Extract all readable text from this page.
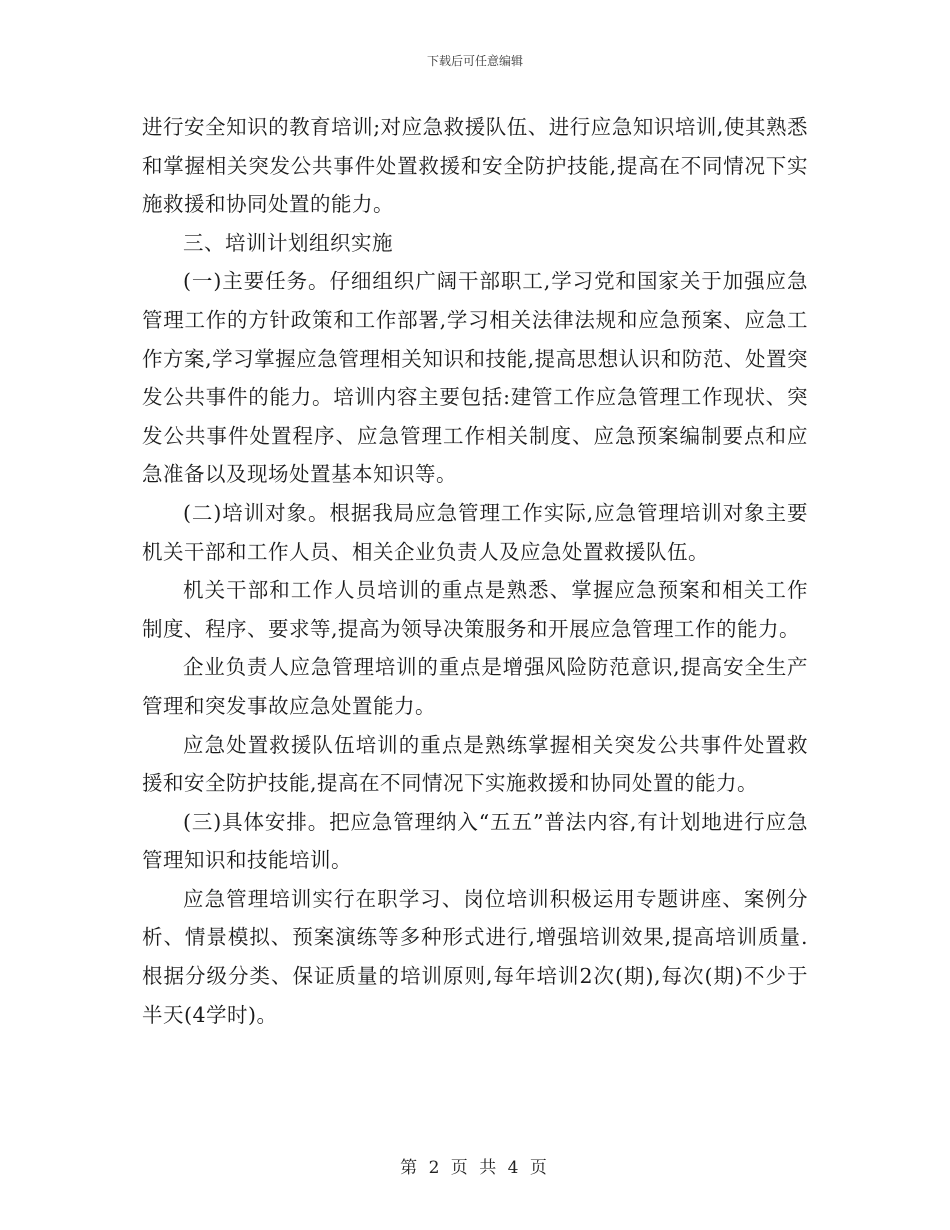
下载后可任意编辑

进行安全知识的教育培训;对应急救援队伍、进行应急知识培训,使其熟悉和掌握相关突发公共事件处置救援和安全防护技能,提高在不同情况下实施救援和协同处置的能力。

三、培训计划组织实施

(一)主要任务。仔细组织广阔干部职工,学习党和国家关于加强应急管理工作的方针政策和工作部署,学习相关法律法规和应急预案、应急工作方案,学习掌握应急管理相关知识和技能,提高思想认识和防范、处置突发公共事件的能力。培训内容主要包括:建管工作应急管理工作现状、突发公共事件处置程序、应急管理工作相关制度、应急预案编制要点和应急准备以及现场处置基本知识等。

(二)培训对象。根据我局应急管理工作实际,应急管理培训对象主要机关干部和工作人员、相关企业负责人及应急处置救援队伍。

机关干部和工作人员培训的重点是熟悉、掌握应急预案和相关工作制度、程序、要求等,提高为领导决策服务和开展应急管理工作的能力。

企业负责人应急管理培训的重点是增强风险防范意识,提高安全生产管理和突发事故应急处置能力。

应急处置救援队伍培训的重点是熟练掌握相关突发公共事件处置救援和安全防护技能,提高在不同情况下实施救援和协同处置的能力。

(三)具体安排。把应急管理纳入“五五”普法内容,有计划地进行应急管理知识和技能培训。

应急管理培训实行在职学习、岗位培训积极运用专题讲座、案例分析、情景模拟、预案演练等多种形式进行,增强培训效果,提高培训质量.根据分级分类、保证质量的培训原则,每年培训2次(期),每次(期)不少于半天(4学时)。

第 2 页 共 4 页
